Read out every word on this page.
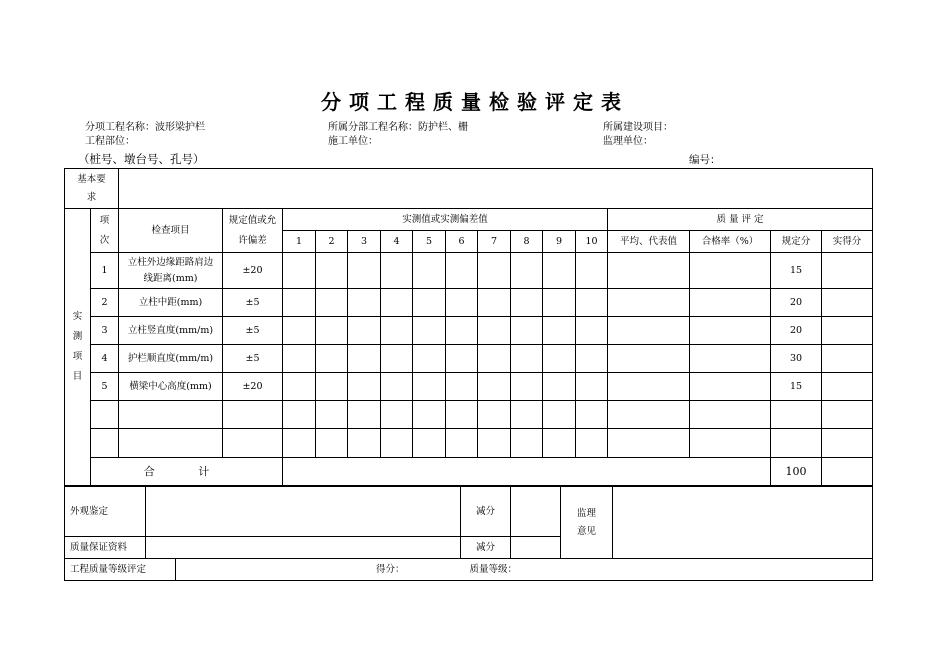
分项工程质量检验评定表
分项工程名称：波形梁护栏	所属分部工程名称：防护栏、栅	所属建设项目：
工程部位：	施工单位：	监理单位：
（桩号、墩台号、孔号）	编号：
基本要求																	

实测项目	项次	检查项目	规定值或允许偏差	实测值或实测偏差值										质 量 评 定			
				1	2	3	4	5	6	7	8	9	10	平均、代表值	合格率（%）	规定分	实得分
	1	立柱外边缘距路肩边线距离(mm)	±20													15	
	2	立柱中距(mm)	±5													20	
	3	立柱竖直度(mm/m)	±5													20	
	4	护栏顺直度(mm/m)	±5													30	
	5	横梁中心高度(mm)	±20													15	

	合 计															100	
外观鉴定			减分		监理意见	

质量保证资料			减分			
工程质量等级评定		得分： 质量等级：				
